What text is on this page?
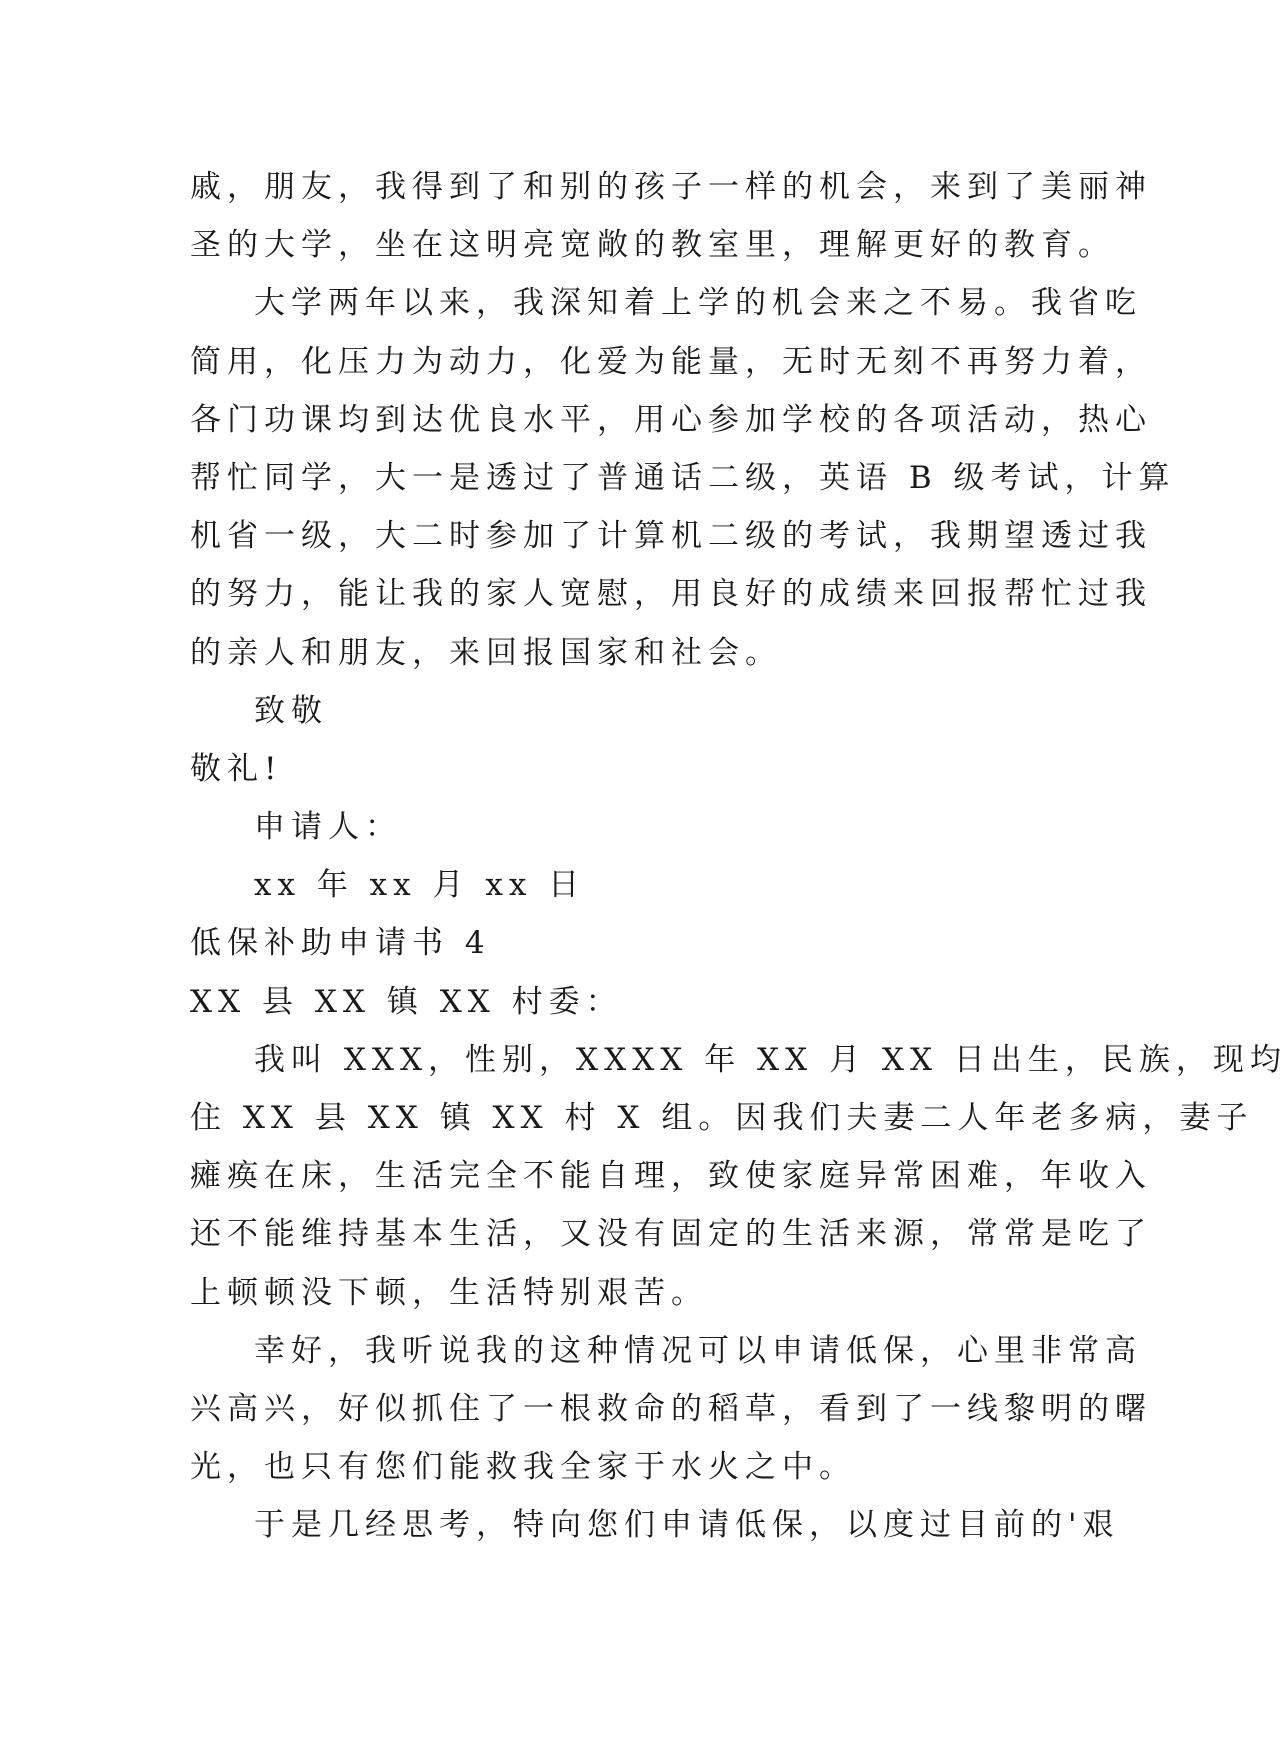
戚，朋友，我得到了和别的孩子一样的机会，来到了美丽神
圣的大学，坐在这明亮宽敞的教室里，理解更好的教育。
大学两年以来，我深知着上学的机会来之不易。我省吃
简用，化压力为动力，化爱为能量，无时无刻不再努力着，
各门功课均到达优良水平，用心参加学校的各项活动，热心
帮忙同学，大一是透过了普通话二级，英语 B 级考试，计算
机省一级，大二时参加了计算机二级的考试，我期望透过我
的努力，能让我的家人宽慰，用良好的成绩来回报帮忙过我
的亲人和朋友，来回报国家和社会。
致敬
敬礼!
申请人：
xx 年 xx 月 xx 日
低保补助申请书 4
XX 县 XX 镇 XX 村委：
我叫 XXX，性别，XXXX 年 XX 月 XX 日出生，民族，现均
住 XX 县 XX 镇 XX 村 X 组。因我们夫妻二人年老多病，妻子
瘫痪在床，生活完全不能自理，致使家庭异常困难，年收入
还不能维持基本生活，又没有固定的生活来源，常常是吃了
上顿顿没下顿，生活特别艰苦。
幸好，我听说我的这种情况可以申请低保，心里非常高
兴高兴，好似抓住了一根救命的稻草，看到了一线黎明的曙
光，也只有您们能救我全家于水火之中。
于是几经思考，特向您们申请低保，以度过目前的'艰
